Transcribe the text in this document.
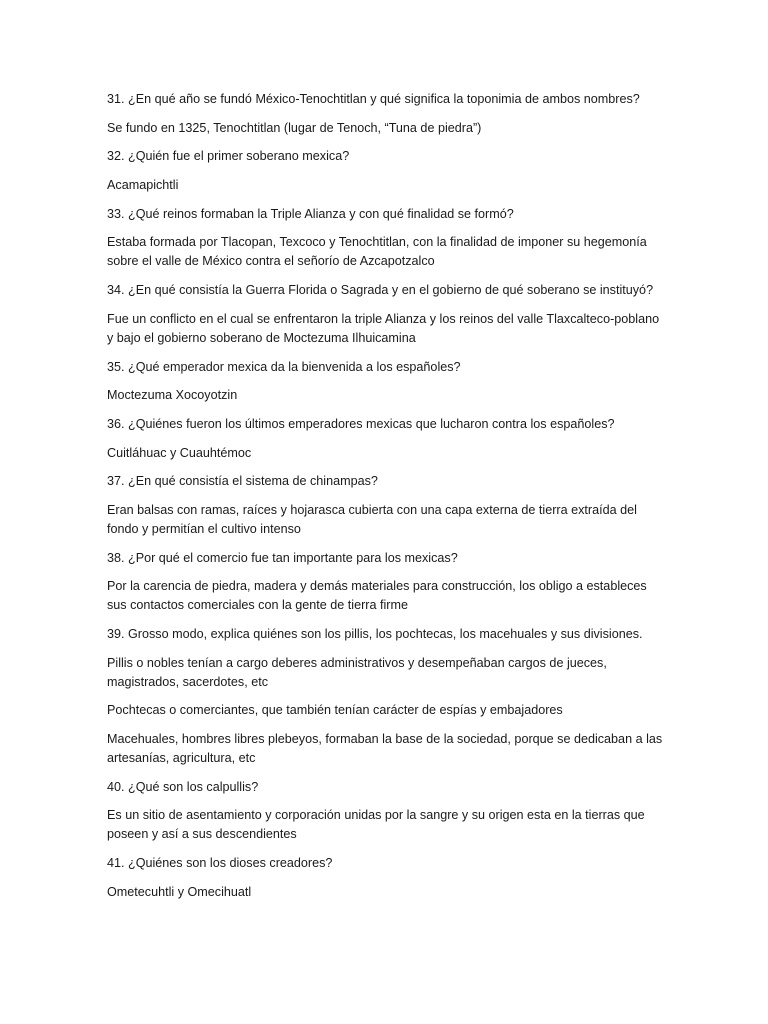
31. ¿En qué año se fundó México-Tenochtitlan y qué significa la toponimia de ambos nombres?

Se fundo en 1325, Tenochtitlan (lugar de Tenoch, “Tuna de piedra”)

32. ¿Quién fue el primer soberano mexica?

Acamapichtli

33. ¿Qué reinos formaban la Triple Alianza y con qué finalidad se formó?

Estaba formada por Tlacopan, Texcoco y Tenochtitlan, con la finalidad de imponer su hegemonía sobre el valle de México contra el señorío de Azcapotzalco

34. ¿En qué consistía la Guerra Florida o Sagrada y en el gobierno de qué soberano se instituyó?

Fue un conflicto en el cual se enfrentaron la triple Alianza y los reinos del valle Tlaxcalteco-poblano y bajo el gobierno soberano de Moctezuma Ilhuicamina

35. ¿Qué emperador mexica da la bienvenida a los españoles?

Moctezuma Xocoyotzin

36. ¿Quiénes fueron los últimos emperadores mexicas que lucharon contra los españoles?

Cuitláhuac y Cuauhtémoc

37. ¿En qué consistía el sistema de chinampas?

Eran balsas con ramas, raíces y hojarasca cubierta con una capa externa de tierra extraída del fondo y permitían el cultivo intenso

38. ¿Por qué el comercio fue tan importante para los mexicas?

Por la carencia de piedra, madera y demás materiales para construcción, los obligo a estableces sus contactos comerciales con la gente de tierra firme

39. Grosso modo, explica quiénes son los pillis, los pochtecas, los macehuales y sus divisiones.

Pillis o nobles tenían a cargo deberes administrativos y desempeñaban cargos de jueces, magistrados, sacerdotes, etc

Pochtecas o comerciantes, que también tenían carácter de espías y embajadores

Macehuales, hombres libres plebeyos, formaban la base de la sociedad, porque se dedicaban a las artesanías, agricultura, etc

40. ¿Qué son los calpullis?

Es un sitio de asentamiento y corporación unidas por la sangre y su origen esta en la tierras que poseen y así a sus descendientes

41. ¿Quiénes son los dioses creadores?

Ometecuhtli y Omecihuatl
